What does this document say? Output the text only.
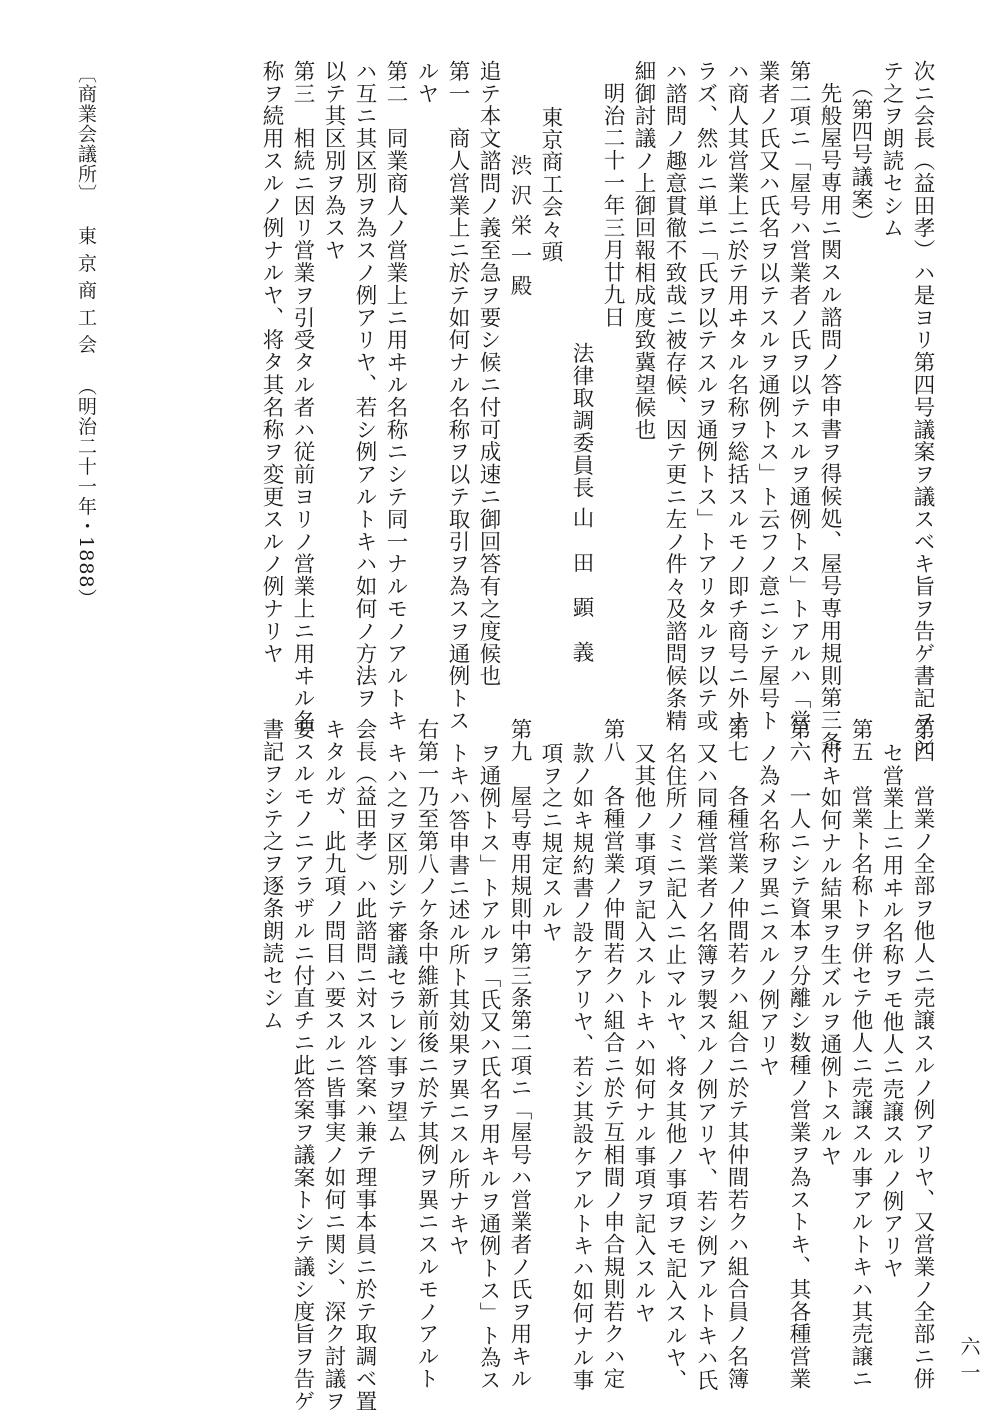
次ニ会長（益田孝）ハ是ヨリ第四号議案ヲ議スベキ旨ヲ告ゲ書記ヲシ
テ之ヲ朗読セシム
（第四号議案）
先般屋号専用ニ関スル諮問ノ答申書ヲ得候処、屋号専用規則第三条
第二項ニ「屋号ハ営業者ノ氏ヲ以テスルヲ通例トス」トアルハ「営
業者ノ氏又ハ氏名ヲ以テスルヲ通例トス」ト云フノ意ニシテ屋号ト
ハ商人其営業上ニ於テ用ヰタル名称ヲ総括スルモノ即チ商号ニ外ナ
ラズ、然ルニ単ニ「氏ヲ以テスルヲ通例トス」トアリタルヲ以テ或
ハ諮問ノ趣意貫徹不致哉ニ被存候、因テ更ニ左ノ件々及諮問候条精
細御討議ノ上御回報相成度致冀望候也
明治二十一年三月廿九日
法律取調委員長 山　田　顕　義
東京商工会々頭
渋 沢 栄 一 殿
追テ本文諮問ノ義至急ヲ要シ候ニ付可成速ニ御回答有之度候也
第一　商人営業上ニ於テ如何ナル名称ヲ以テ取引ヲ為スヲ通例トス
ルヤ
第二　同業商人ノ営業上ニ用ヰル名称ニシテ同一ナルモノアルトキ
ハ互ニ其区別ヲ為スノ例アリヤ、若シ例アルトキハ如何ノ方法ヲ
以テ其区別ヲ為スヤ
第三　相続ニ因リ営業ヲ引受タル者ハ従前ヨリノ営業上ニ用ヰル名
称ヲ続用スルノ例ナルヤ、将タ其名称ヲ変更スルノ例ナリヤ
第四　営業ノ全部ヲ他人ニ売譲スルノ例アリヤ、又営業ノ全部ニ併
セ営業上ニ用ヰル名称ヲモ他人ニ売譲スルノ例アリヤ
第五　営業ト名称トヲ併セテ他人ニ売譲スル事アルトキハ其売譲ニ
付キ如何ナル結果ヲ生ズルヲ通例トスルヤ
第六　一人ニシテ資本ヲ分離シ数種ノ営業ヲ為ストキ、其各種営業
ノ為メ名称ヲ異ニスルノ例アリヤ
第七　各種営業ノ仲間若クハ組合ニ於テ其仲間若クハ組合員ノ名簿
又ハ同種営業者ノ名簿ヲ製スルノ例アリヤ、若シ例アルトキハ氏
名住所ノミニ記入ニ止マルヤ、将タ其他ノ事項ヲモ記入スルヤ、
又其他ノ事項ヲ記入スルトキハ如何ナル事項ヲ記入スルヤ
第八　各種営業ノ仲間若クハ組合ニ於テ互相間ノ申合規則若クハ定
款ノ如キ規約書ノ設ケアリヤ、若シ其設ケアルトキハ如何ナル事
項ヲ之ニ規定スルヤ
第九　屋号専用規則中第三条第二項ニ「屋号ハ営業者ノ氏ヲ用キル
ヲ通例トス」トアルヲ「氏又ハ氏名ヲ用キルヲ通例トス」ト為ス
トキハ答申書ニ述ル所ト其効果ヲ異ニスル所ナキヤ
右第一乃至第八ノケ条中維新前後ニ於テ其例ヲ異ニスルモノアルト
キハ之ヲ区別シテ審議セラレン事ヲ望ム
会長（益田孝）ハ此諮問ニ対スル答案ハ兼テ理事本員ニ於テ取調ベ置
キタルガ、此九項ノ問目ハ要スルニ皆事実ノ如何ニ関シ、深ク討議ヲ
要スルモノニアラザルニ付直チニ此答案ヲ議案トシテ議シ度旨ヲ告ゲ
書記ヲシテ之ヲ逐条朗読セシム
六一
〔商業会議所〕東 京 商 工 会（明治二十一年・1888）
